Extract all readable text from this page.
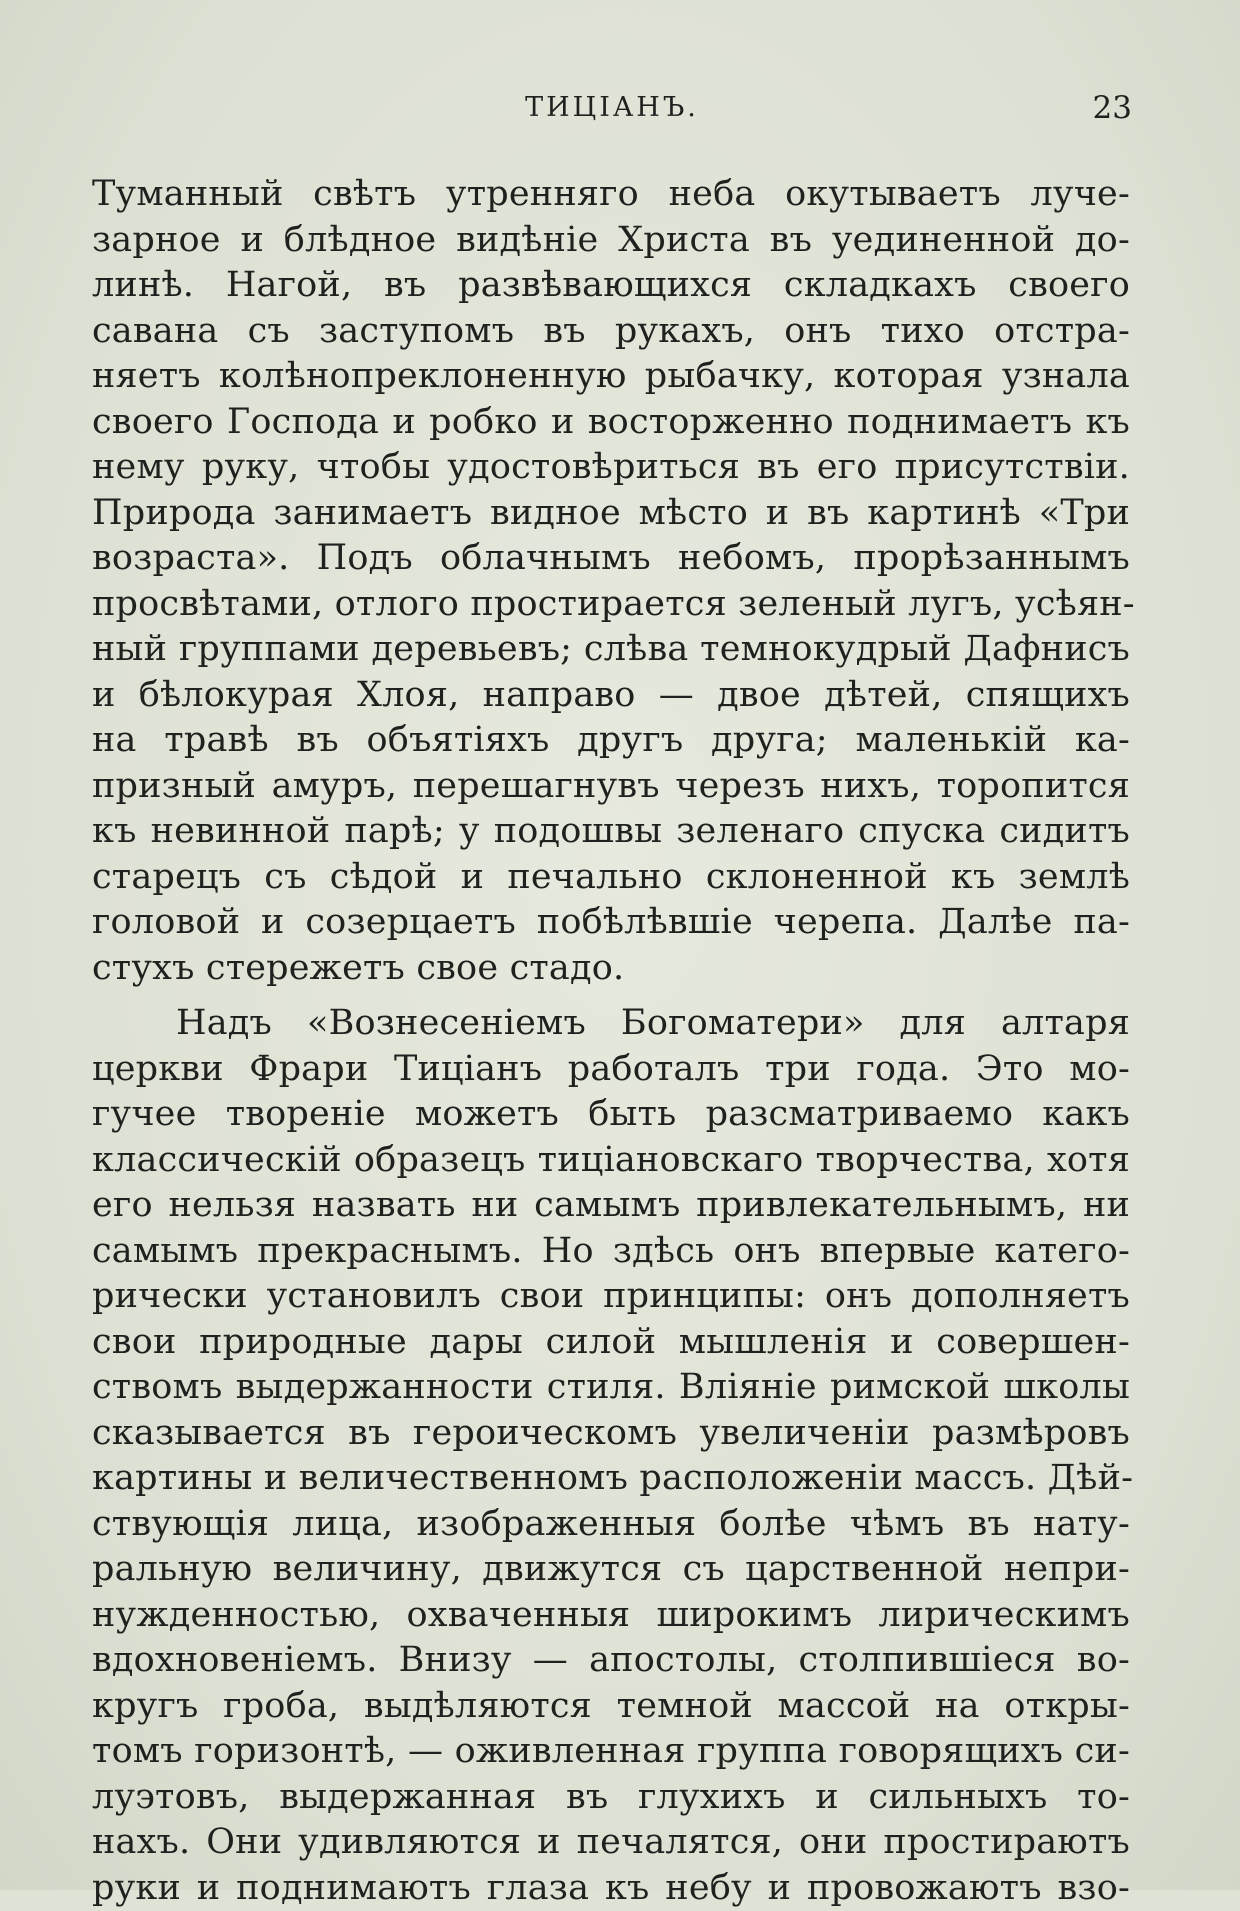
ТИЦІАНЪ.	23
Туманный свѣтъ утренняго неба окутываетъ луче-
зарное и блѣдное видѣніе Христа въ уединенной до-
линѣ. Нагой, въ развѣвающихся складкахъ своего
савана съ заступомъ въ рукахъ, онъ тихо отстра-
няетъ колѣнопреклоненную рыбачку, которая узнала
своего Господа и робко и восторженно поднимаетъ къ
нему руку, чтобы удостовѣриться въ его присутствіи.
Природа занимаетъ видное мѣсто и въ картинѣ «Три
возраста». Подъ облачнымъ небомъ, прорѣзаннымъ
просвѣтами, отлого простирается зеленый лугъ, усѣян-
ный группами деревьевъ; слѣва темнокудрый Дафнисъ
и бѣлокурая Хлоя, направо — двое дѣтей, спящихъ
на травѣ въ объятіяхъ другъ друга; маленькій ка-
призный амуръ, перешагнувъ черезъ нихъ, торопится
къ невинной парѣ; у подошвы зеленаго спуска сидитъ
старецъ съ сѣдой и печально склоненной къ землѣ
головой и созерцаетъ побѣлѣвшіе черепа. Далѣе па-
стухъ стережетъ свое стадо.
Надъ «Вознесеніемъ Богоматери» для алтаря
церкви Фрари Тиціанъ работалъ три года. Это мо-
гучее твореніе можетъ быть разсматриваемо какъ
классическій образецъ тиціановскаго творчества, хотя
его нельзя назвать ни самымъ привлекательнымъ, ни
самымъ прекраснымъ. Но здѣсь онъ впервые катего-
рически установилъ свои принципы: онъ дополняетъ
свои природные дары силой мышленія и совершен-
ствомъ выдержанности стиля. Вліяніе римской школы
сказывается въ героическомъ увеличеніи размѣровъ
картины и величественномъ расположеніи массъ. Дѣй-
ствующія лица, изображенныя болѣе чѣмъ въ нату-
ральную величину, движутся съ царственной непри-
нужденностью, охваченныя широкимъ лирическимъ
вдохновеніемъ. Внизу — апостолы, столпившіеся во-
кругъ гроба, выдѣляются темной массой на откры-
томъ горизонтѣ, — оживленная группа говорящихъ си-
луэтовъ, выдержанная въ глухихъ и сильныхъ то-
нахъ. Они удивляются и печалятся, они простираютъ
руки и поднимаютъ глаза къ небу и провожаютъ взо-
